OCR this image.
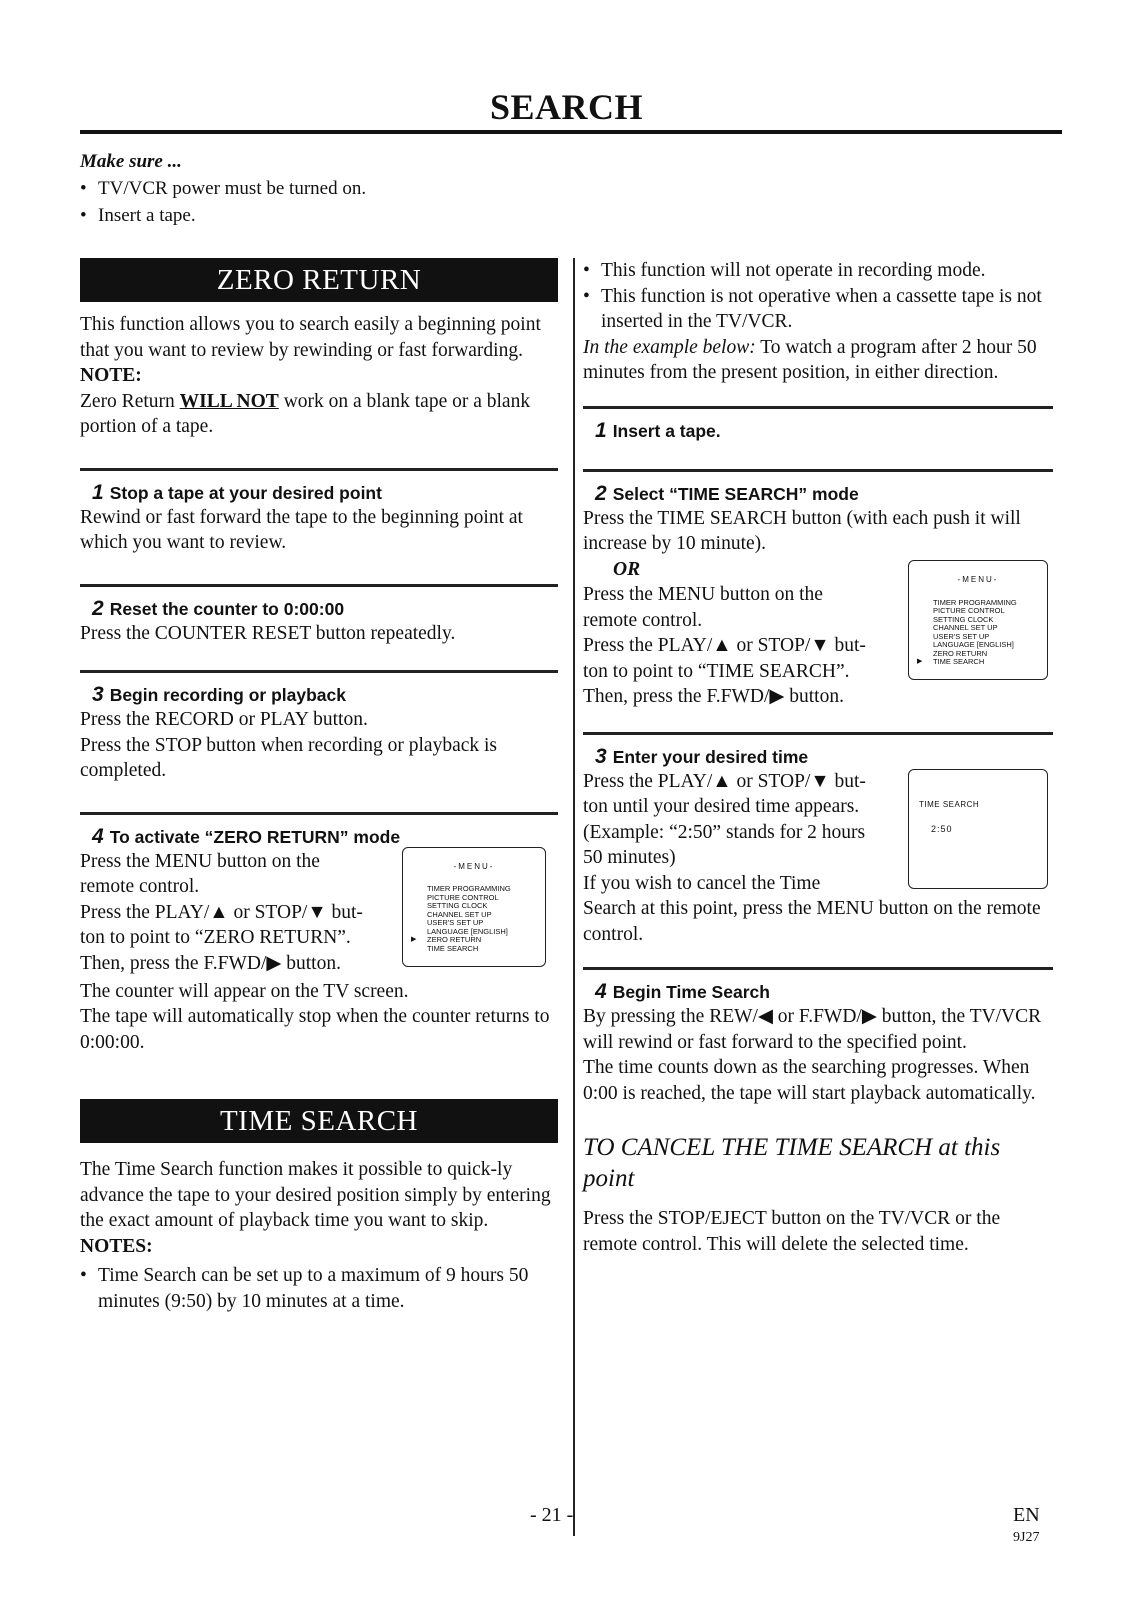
SEARCH
Make sure ...
• TV/VCR power must be turned on.
• Insert a tape.
ZERO RETURN

This function allows you to search easily a beginning point that you want to review by rewinding or fast forwarding.

NOTE:

Zero Return WILL NOT work on a blank tape or a blank portion of a tape.

1 Stop a tape at your desired point

Rewind or fast forward the tape to the beginning point at which you want to review.

2 Reset the counter to 0:00:00

Press the COUNTER RESET button repeatedly.

3 Begin recording or playback

Press the RECORD or PLAY button.

Press the STOP button when recording or playback is completed.

4 To activate “ZERO RETURN” mode

Press the MENU button on the

remote control.

Press the PLAY/▲ or STOP/▼ but-

ton to point to “ZERO RETURN”.

Then, press the F.FWD/▶ button.

-MENU-
TIMER PROGRAMMING
PICTURE CONTROL
SETTING CLOCK
CHANNEL SET UP
USER'S SET UP
LANGUAGE [ENGLISH]
▶ ZERO RETURN
TIME SEARCH

The counter will appear on the TV screen.

The tape will automatically stop when the counter returns to 0:00:00.

TIME SEARCH

The Time Search function makes it possible to quick-ly advance the tape to your desired position simply by entering the exact amount of playback time you want to skip.

NOTES:

• Time Search can be set up to a maximum of 9 hours 50 minutes (9:50) by 10 minutes at a time.

• This function will not operate in recording mode.

• This function is not operative when a cassette tape is not inserted in the TV/VCR.

In the example below: To watch a program after 2 hour 50 minutes from the present position, in either direction.

1 Insert a tape.
2 Select “TIME SEARCH” mode

Press the TIME SEARCH button (with each push it will increase by 10 minute).

OR

Press the MENU button on the

remote control.

Press the PLAY/▲ or STOP/▼ but-

ton to point to “TIME SEARCH”.

Then, press the F.FWD/▶ button.

-MENU-
TIMER PROGRAMMING
PICTURE CONTROL
SETTING CLOCK
CHANNEL SET UP
USER'S SET UP
LANGUAGE [ENGLISH]
ZERO RETURN
▶ TIME SEARCH
3 Enter your desired time

Press the PLAY/▲ or STOP/▼ but-

ton until your desired time appears.

(Example: “2:50” stands for 2 hours

50 minutes)

If you wish to cancel the Time

TIME SEARCH
2:50

Search at this point, press the MENU button on the remote control.

4 Begin Time Search

By pressing the REW/◀ or F.FWD/▶ button, the TV/VCR will rewind or fast forward to the specified point.

The time counts down as the searching progresses. When 0:00 is reached, the tape will start playback automatically.

TO CANCEL THE TIME SEARCH at this point

Press the STOP/EJECT button on the TV/VCR or the remote control. This will delete the selected time.

- 21 -	EN
9J27
